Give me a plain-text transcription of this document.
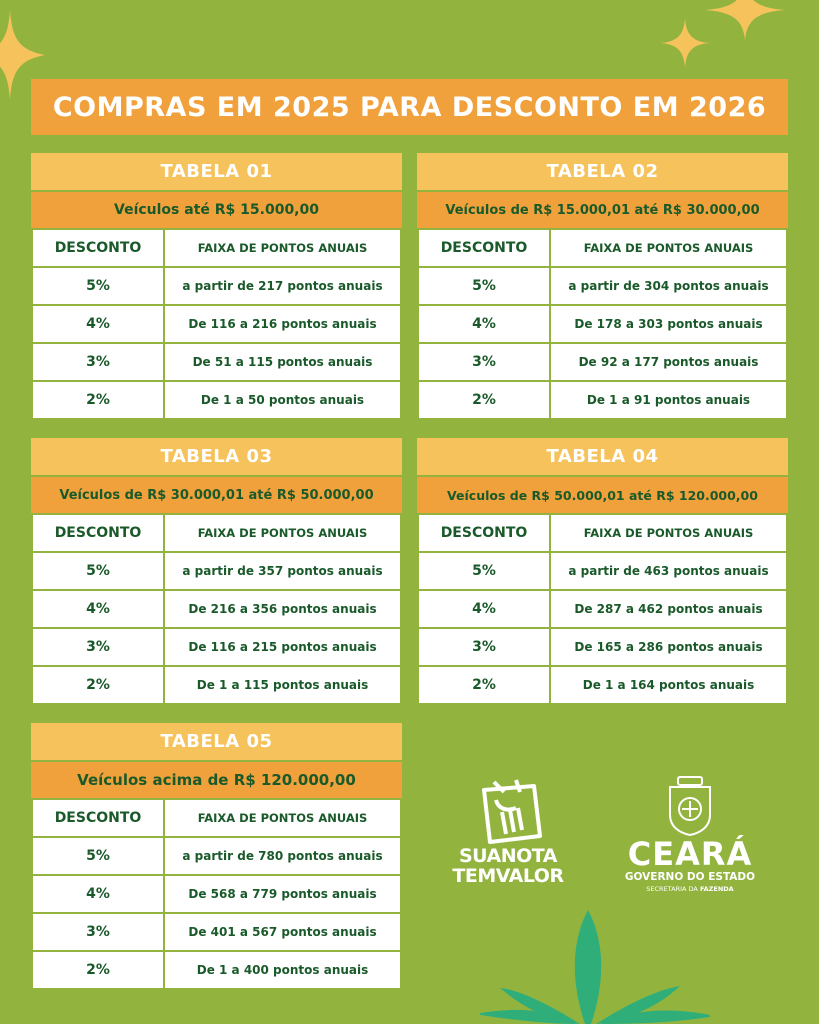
COMPRAS EM 2025 PARA DESCONTO EM 2026
TABELA 01
Veículos até R$ 15.000,00
DESCONTO	FAIXA DE PONTOS ANUAIS
5%	a partir de 217 pontos anuais
4%	De 116 a 216 pontos anuais
3%	De 51 a 115 pontos anuais
2%	De 1 a 50 pontos anuais
TABELA 02
Veículos de R$ 15.000,01 até R$ 30.000,00
DESCONTO	FAIXA DE PONTOS ANUAIS
5%	a partir de 304 pontos anuais
4%	De 178 a 303 pontos anuais
3%	De 92 a 177 pontos anuais
2%	De 1 a 91 pontos anuais
TABELA 03
Veículos de R$ 30.000,01 até R$ 50.000,00
DESCONTO	FAIXA DE PONTOS ANUAIS
5%	a partir de 357 pontos anuais
4%	De 216 a 356 pontos anuais
3%	De 116 a 215 pontos anuais
2%	De 1 a 115 pontos anuais
TABELA 04
Veículos de R$ 50.000,01 até R$ 120.000,00
DESCONTO	FAIXA DE PONTOS ANUAIS
5%	a partir de 463 pontos anuais
4%	De 287 a 462 pontos anuais
3%	De 165 a 286 pontos anuais
2%	De 1 a 164 pontos anuais
TABELA 05
Veículos acima de R$ 120.000,00
DESCONTO	FAIXA DE PONTOS ANUAIS
5%	a partir de 780 pontos anuais
4%	De 568 a 779 pontos anuais
3%	De 401 a 567 pontos anuais
2%	De 1 a 400 pontos anuais
SUANOTA
TEMVALOR
CEARÁ
GOVERNO DO ESTADO
SECRETARIA DA FAZENDA
